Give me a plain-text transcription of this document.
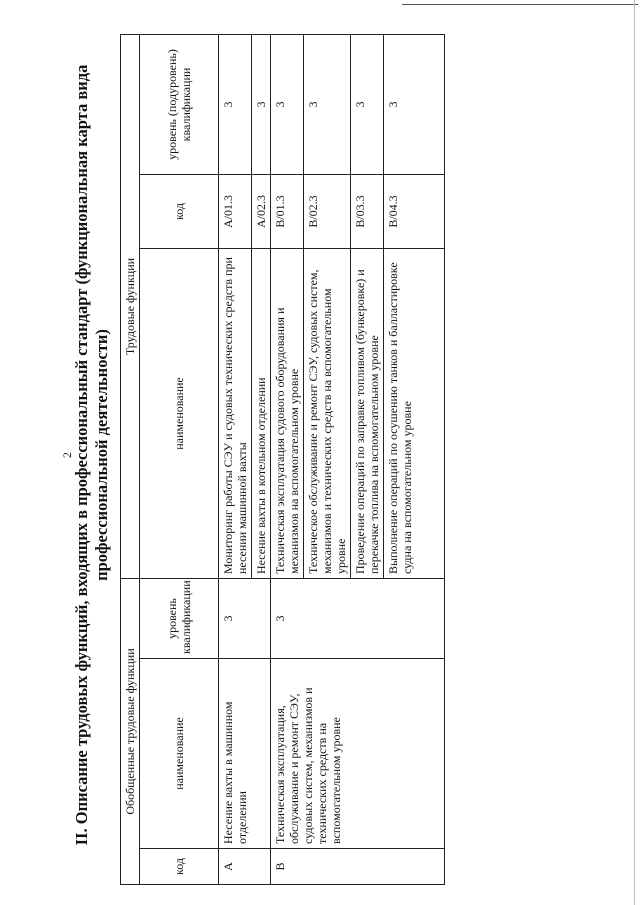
2
II. Описание трудовых функций, входящих в профессиональный стандарт (функциональная карта вида профессиональной деятельности)
Обобщенные трудовые функции			Трудовые функции		
код	наименование	уровень квалификации	наименование	код	уровень (подуровень) квалификации
A	Несение вахты в машинном отделении	3	Мониторинг работы СЭУ и судовых технических средств при несении машинной вахты	A/01.3	3
			Несение вахты в котельном отделении	A/02.3	3
B	Техническая эксплуатация, обслуживание и ремонт СЭУ, судовых систем, механизмов и технических средств на вспомогательном уровне	3	Техническая эксплуатация судового оборудования и механизмов на вспомогательном уровне	B/01.3	3
			Техническое обслуживание и ремонт СЭУ, судовых систем, механизмов и технических средств на вспомогательном уровне	B/02.3	3
			Проведение операций по заправке топливом (бункеровке) и перекачке топлива на вспомогательном уровне	B/03.3	3
			Выполнение операций по осушению танков и балластировке судна на вспомогательном уровне	B/04.3	3
